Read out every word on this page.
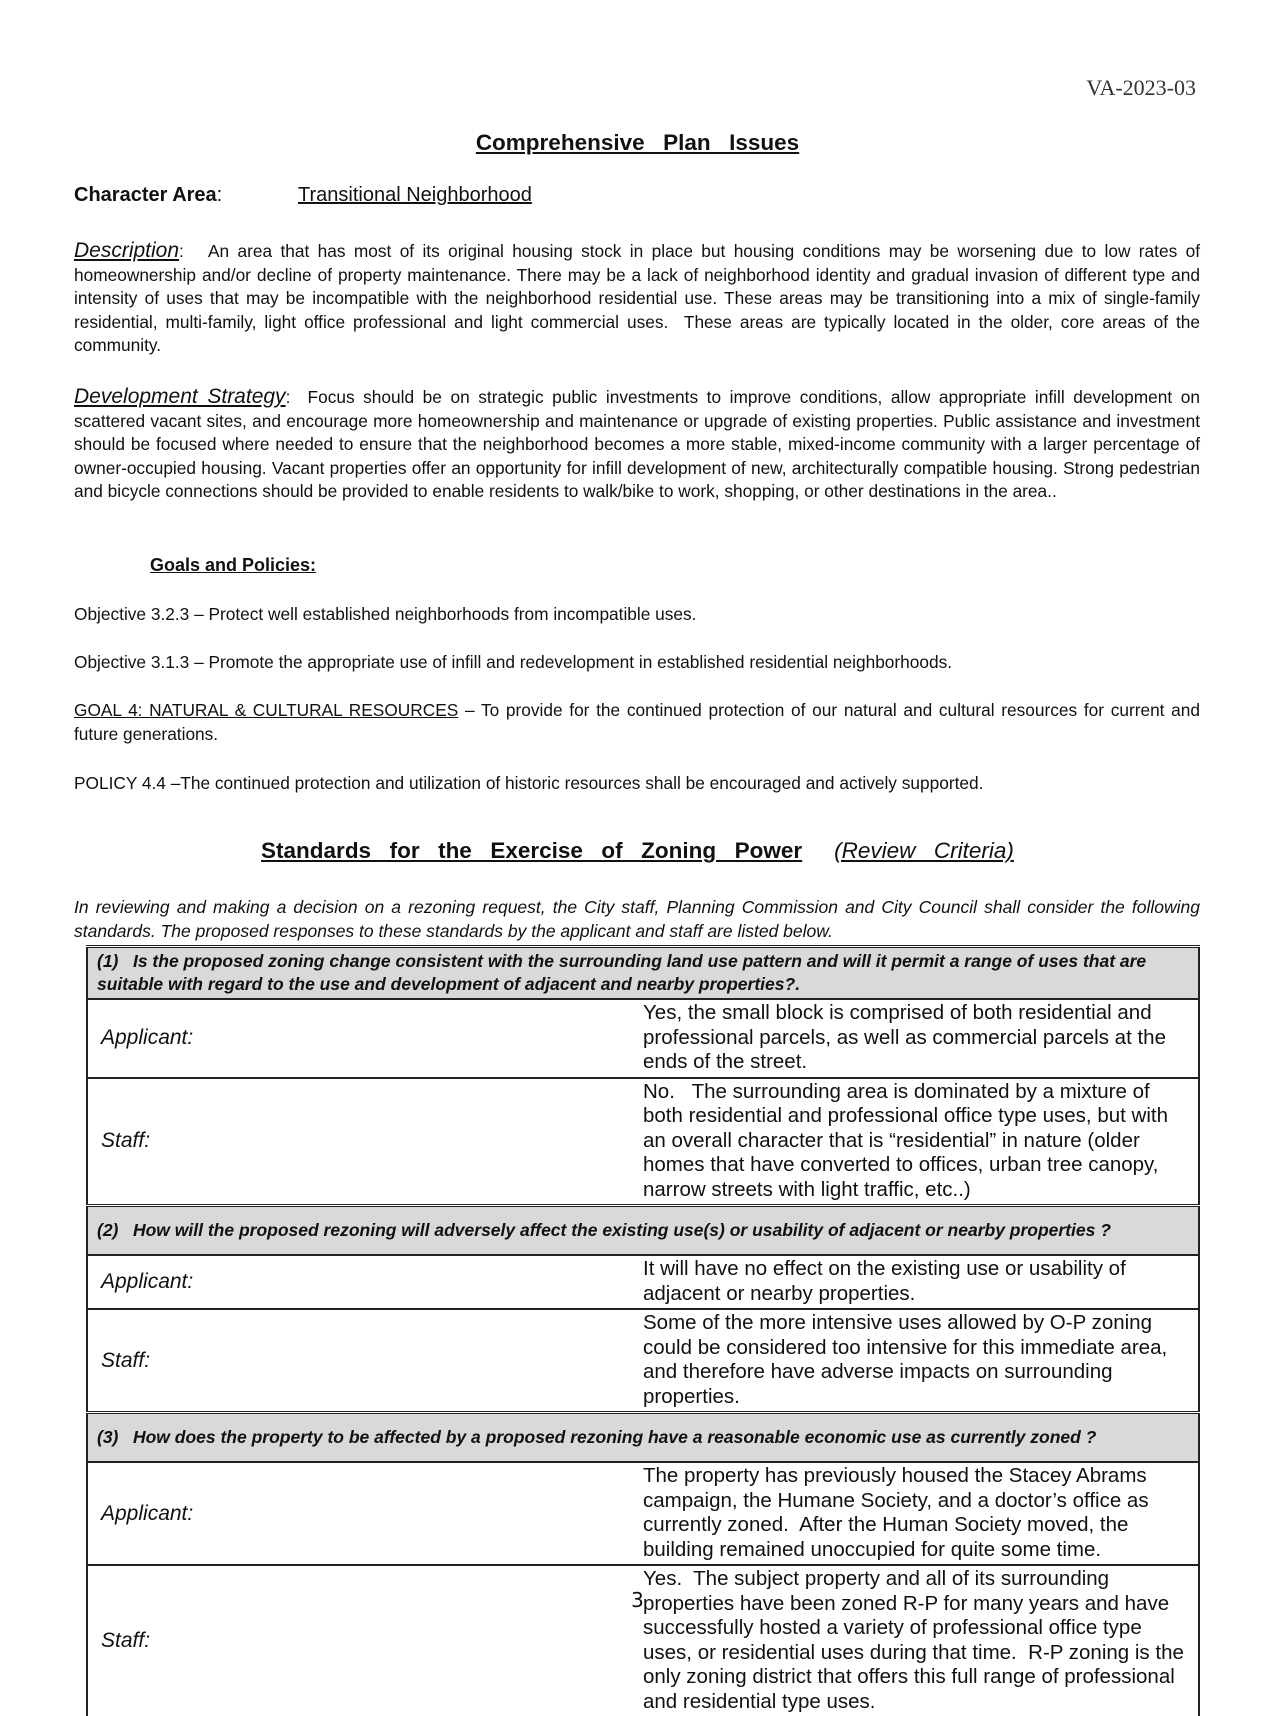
VA-2023-03
Comprehensive  Plan  Issues
Character Area:	Transitional Neighborhood

Description:   An area that has most of its original housing stock in place but housing conditions may be worsening due to low rates of homeownership and/or decline of property maintenance. There may be a lack of neighborhood identity and gradual invasion of different type and intensity of uses that may be incompatible with the neighborhood residential use. These areas may be transitioning into a mix of single-family residential, multi-family, light office professional and light commercial uses.  These areas are typically located in the older, core areas of the community.

Development Strategy:  Focus should be on strategic public investments to improve conditions, allow appropriate infill development on scattered vacant sites, and encourage more homeownership and maintenance or upgrade of existing properties. Public assistance and investment should be focused where needed to ensure that the neighborhood becomes a more stable, mixed-income community with a larger percentage of owner-occupied housing. Vacant properties offer an opportunity for infill development of new, architecturally compatible housing. Strong pedestrian and bicycle connections should be provided to enable residents to walk/bike to work, shopping, or other destinations in the area..

Goals and Policies:

Objective 3.2.3 – Protect well established neighborhoods from incompatible uses.

Objective 3.1.3 – Promote the appropriate use of infill and redevelopment in established residential neighborhoods.

GOAL 4: NATURAL & CULTURAL RESOURCES – To provide for the continued protection of our natural and cultural resources for current and future generations.

POLICY 4.4 –The continued protection and utilization of historic resources shall be encouraged and actively supported.

Standards  for  the  Exercise  of  Zoning  Power (Review  Criteria)

In reviewing and making a decision on a rezoning request, the City staff, Planning Commission and City Council shall consider the following standards. The proposed responses to these standards by the applicant and staff are listed below.

(1)   Is the proposed zoning change consistent with the surrounding land use pattern and will it permit a range of uses that are suitable with regard to the use and development of adjacent and nearby properties?.	
Applicant:	Yes, the small block is comprised of both residential and professional parcels, as well as commercial parcels at the ends of the street.
Staff:	No.   The surrounding area is dominated by a mixture of both residential and professional office type uses, but with an overall character that is “residential” in nature (older homes that have converted to offices, urban tree canopy, narrow streets with light traffic, etc..)
(2)   How will the proposed rezoning will adversely affect the existing use(s) or usability of adjacent or nearby properties ?	
Applicant:	It will have no effect on the existing use or usability of adjacent or nearby properties.
Staff:	Some of the more intensive uses allowed by O-P zoning could be considered too intensive for this immediate area, and therefore have adverse impacts on surrounding properties.
(3)   How does the property to be affected by a proposed rezoning have a reasonable economic use as currently zoned ?	
Applicant:	The property has previously housed the Stacey Abrams campaign, the Humane Society, and a doctor’s office as currently zoned.  After the Human Society moved, the building remained unoccupied for quite some time.
Staff:	Yes.  The subject property and all of its surrounding properties have been zoned R-P for many years and have successfully hosted a variety of professional office type uses, or residential uses during that time.  R-P zoning is the only zoning district that offers this full range of professional and residential type uses.
3
